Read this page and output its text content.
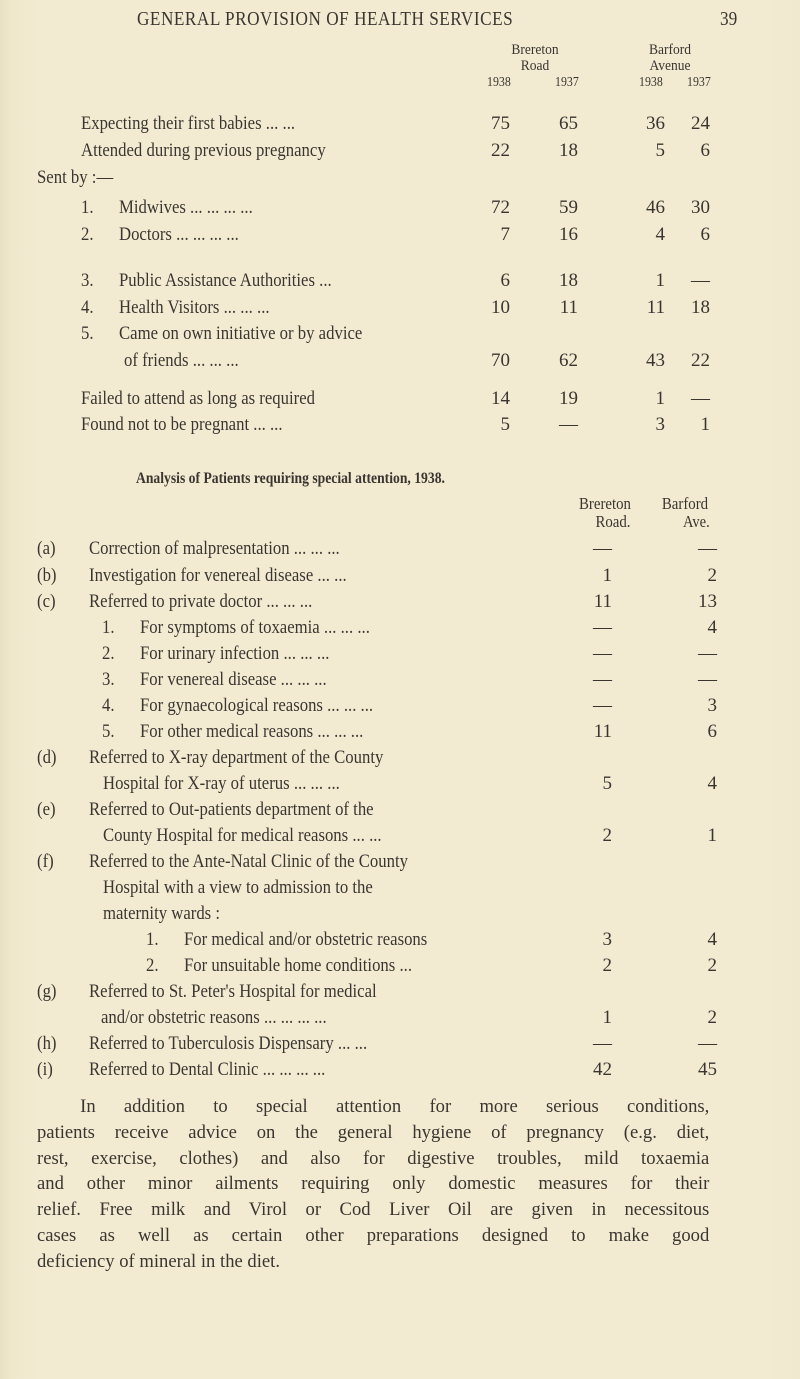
GENERAL PROVISION OF HEALTH SERVICES	39
Brereton
Road
Barford
Avenue
1938	1937	1938 1937
Expecting their first babies ... ...	75	65	36	24
Attended during previous pregnancy	22	18	5	6
Sent by :—
1. Midwives ... ... ... ...	72	59	46	30
2. Doctors ... ... ... ...	7	16	4	6
3. Public Assistance Authorities ...	6	18	1	—
4. Health Visitors ... ... ...	10	11	11	18
5. Came on own initiative or by advice
of friends ... ... ...	70	62	43	22
Failed to attend as long as required	14	19	1	—
Found not to be pregnant ... ...	5	—	3	1
Analysis of Patients requiring special attention, 1938.
Brereton	Barford
Road.	Ave.
(a) Correction of malpresentation ... ... ...	—	—
(b) Investigation for venereal disease ... ...	1	2
(c) Referred to private doctor ... ... ...	11	13
1. For symptoms of toxaemia ... ... ...	—	4
2. For urinary infection ... ... ...	—	—
3. For venereal disease ... ... ...	—	—
4. For gynaecological reasons ... ... ...	—	3
5. For other medical reasons ... ... ...	11	6
(d) Referred to X-ray department of the County
Hospital for X-ray of uterus ... ... ...	5	4
(e) Referred to Out-patients department of the
County Hospital for medical reasons ... ...	2	1
(f) Referred to the Ante-Natal Clinic of the County
Hospital with a view to admission to the
maternity wards :
1. For medical and/or obstetric reasons	3	4
2. For unsuitable home conditions ...	2	2
(g) Referred to St. Peter's Hospital for medical
and/or obstetric reasons ... ... ... ...	1	2
(h) Referred to Tuberculosis Dispensary ... ...	—	—
(i) Referred to Dental Clinic ... ... ... ...	42	45
In addition to special attention for more serious conditions,
patients receive advice on the general hygiene of pregnancy (e.g. diet,
rest, exercise, clothes) and also for digestive troubles, mild toxaemia
and other minor ailments requiring only domestic measures for their
relief. Free milk and Virol or Cod Liver Oil are given in necessitous
cases as well as certain other preparations designed to make good
deficiency of mineral in the diet.
